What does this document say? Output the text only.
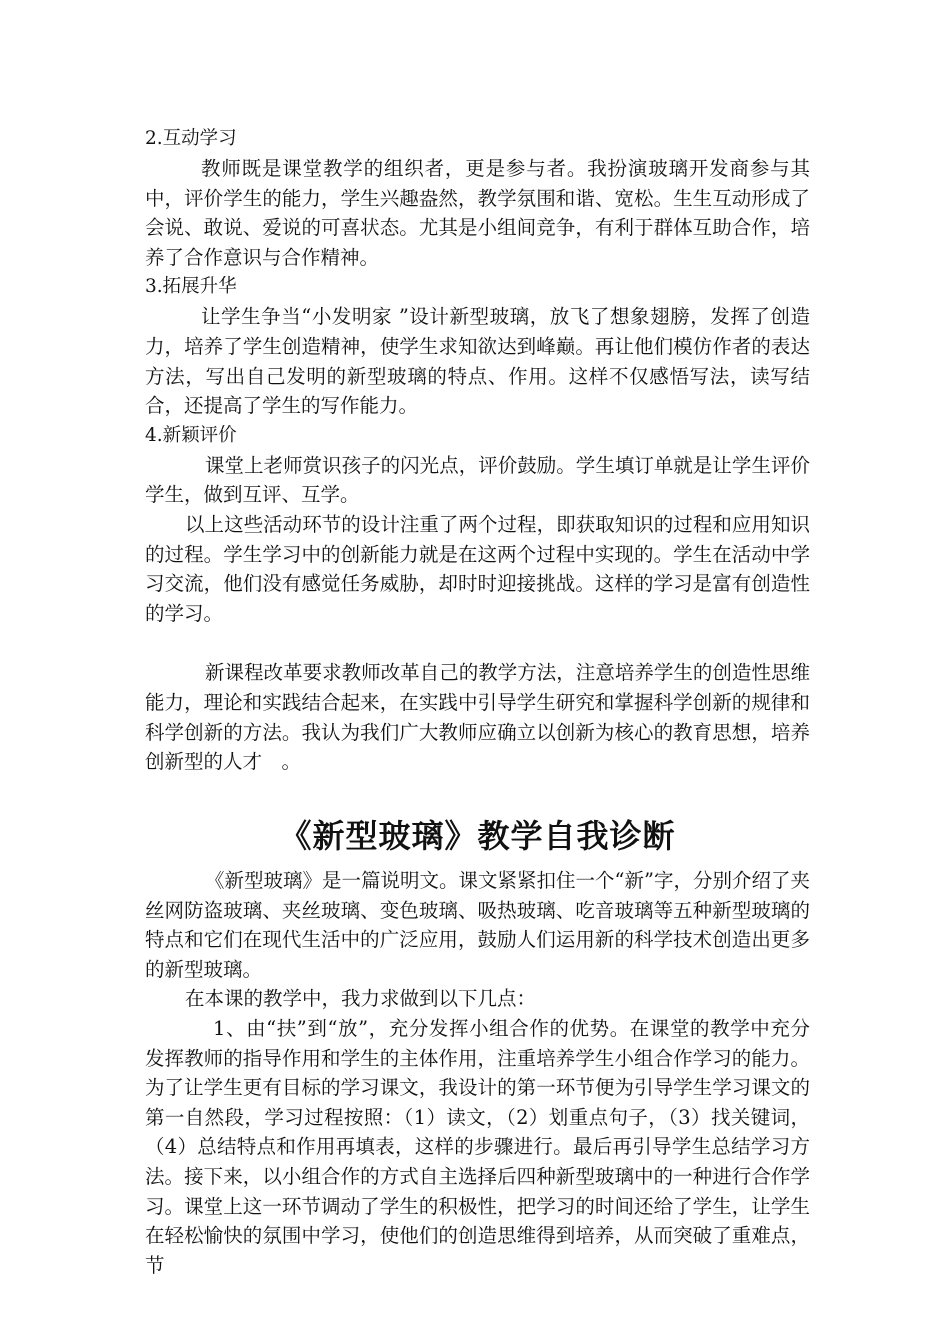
2.互动学习

教师既是课堂教学的组织者，更是参与者。我扮演玻璃开发商参与其中，评价学生的能力，学生兴趣盎然，教学氛围和谐、宽松。生生互动形成了会说、敢说、爱说的可喜状态。尤其是小组间竞争，有利于群体互助合作，培养了合作意识与合作精神。

3.拓展升华

让学生争当“小发明家 ”设计新型玻璃，放飞了想象翅膀，发挥了创造力，培养了学生创造精神，使学生求知欲达到峰巅。再让他们模仿作者的表达方法，写出自己发明的新型玻璃的特点、作用。这样不仅感悟写法，读写结合，还提高了学生的写作能力。

4.新颖评价

课堂上老师赏识孩子的闪光点，评价鼓励。学生填订单就是让学生评价学生，做到互评、互学。

以上这些活动环节的设计注重了两个过程，即获取知识的过程和应用知识的过程。学生学习中的创新能力就是在这两个过程中实现的。学生在活动中学习交流，他们没有感觉任务威胁，却时时迎接挑战。这样的学习是富有创造性的学习。

新课程改革要求教师改革自己的教学方法，注意培养学生的创造性思维能力，理论和实践结合起来，在实践中引导学生研究和掌握科学创新的规律和科学创新的方法。我认为我们广大教师应确立以创新为核心的教育思想，培养创新型的人才　。

《新型玻璃》教学自我诊断

《新型玻璃》是一篇说明文。课文紧紧扣住一个“新”字，分别介绍了夹丝网防盗玻璃、夹丝玻璃、变色玻璃、吸热玻璃、吃音玻璃等五种新型玻璃的特点和它们在现代生活中的广泛应用，鼓励人们运用新的科学技术创造出更多的新型玻璃。

在本课的教学中，我力求做到以下几点：

1、由“扶”到“放”，充分发挥小组合作的优势。在课堂的教学中充分发挥教师的指导作用和学生的主体作用，注重培养学生小组合作学习的能力。为了让学生更有目标的学习课文，我设计的第一环节便为引导学生学习课文的第一自然段，学习过程按照：（1）读文，（2）划重点句子，（3）找关键词，（4）总结特点和作用再填表，这样的步骤进行。最后再引导学生总结学习方法。接下来，以小组合作的方式自主选择后四种新型玻璃中的一种进行合作学习。课堂上这一环节调动了学生的积极性，把学习的时间还给了学生，让学生在轻松愉快的氛围中学习，使他们的创造思维得到培养，从而突破了重难点，节
